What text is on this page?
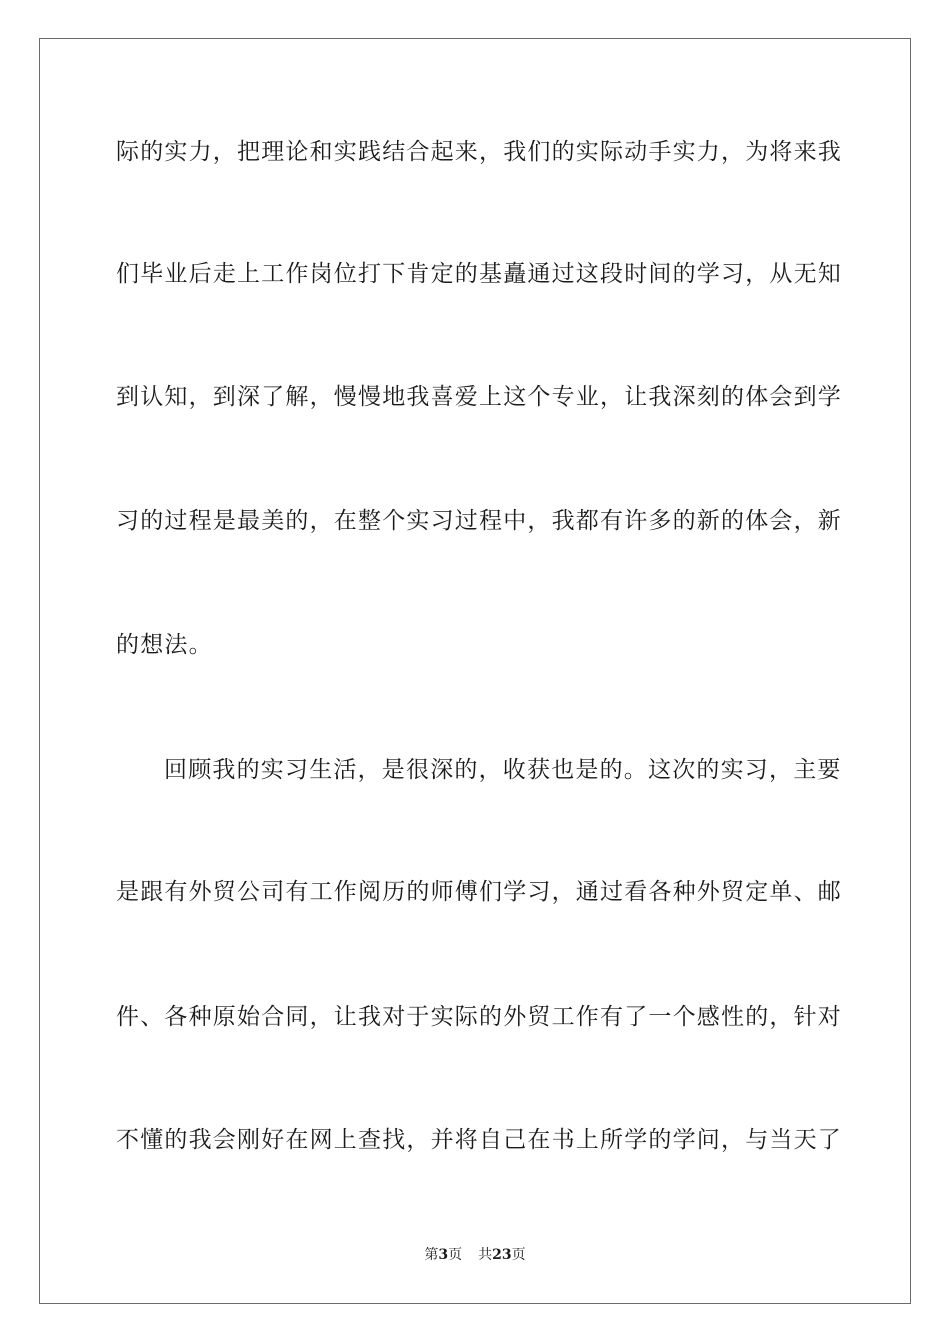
际的实力，把理论和实践结合起来，我们的实际动手实力，为将来我
们毕业后走上工作岗位打下肯定的基矗通过这段时间的学习，从无知
到认知，到深了解，慢慢地我喜爱上这个专业，让我深刻的体会到学
习的过程是最美的，在整个实习过程中，我都有许多的新的体会，新
的想法。
回顾我的实习生活，是很深的，收获也是的。这次的实习，主要
是跟有外贸公司有工作阅历的师傅们学习，通过看各种外贸定单、邮
件、各种原始合同，让我对于实际的外贸工作有了一个感性的，针对
不懂的我会刚好在网上查找，并将自己在书上所学的学问，与当天了
第3页 共23页
